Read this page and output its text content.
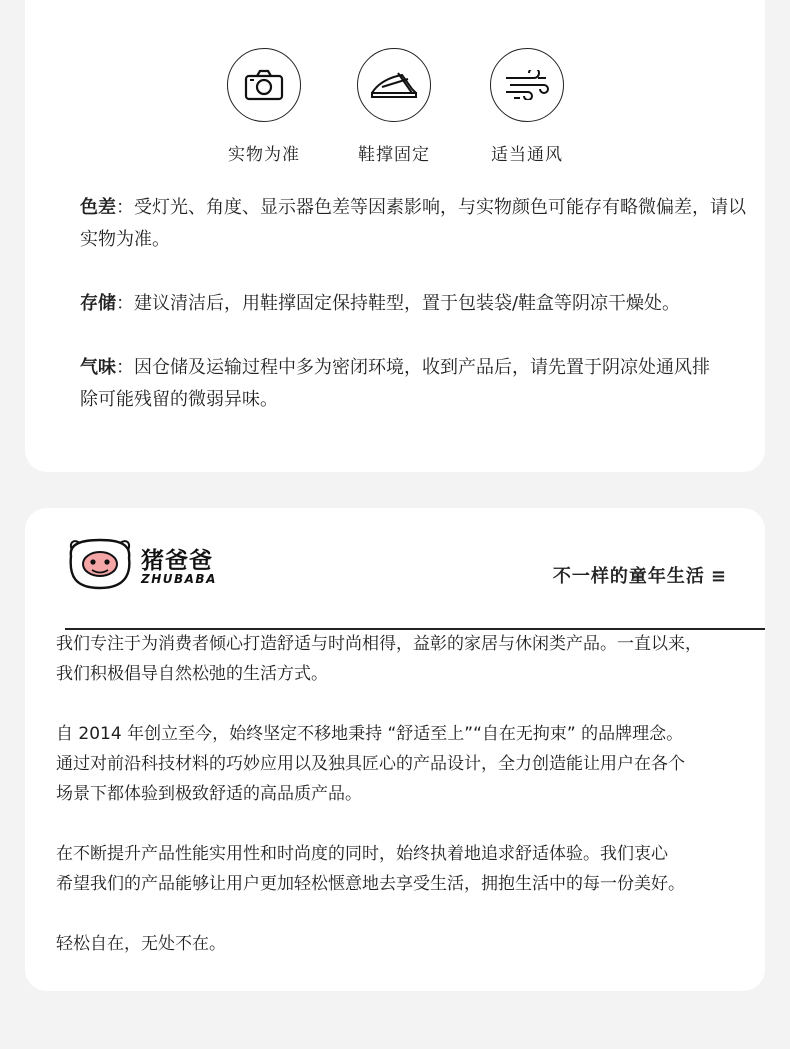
实物为准	鞋撑固定	适当通风
色差：受灯光、角度、显示器色差等因素影响，与实物颜色可能存有略微偏差，请以实物为准。
存储：建议清洁后，用鞋撑固定保持鞋型，置于包装袋/鞋盒等阴凉干燥处。
气味：因仓储及运输过程中多为密闭环境，收到产品后，请先置于阴凉处通风排除可能残留的微弱异味。
猪爸爸
ZHUBABA	不一样的童年生活 ≡

我们专注于为消费者倾心打造舒适与时尚相得，益彰的家居与休闲类产品。一直以来，

我们积极倡导自然松弛的生活方式。

自 2014 年创立至今，始终坚定不移地秉持 “舒适至上”“自在无拘束” 的品牌理念。

通过对前沿科技材料的巧妙应用以及独具匠心的产品设计，全力创造能让用户在各个

场景下都体验到极致舒适的高品质产品。

在不断提升产品性能实用性和时尚度的同时，始终执着地追求舒适体验。我们衷心

希望我们的产品能够让用户更加轻松惬意地去享受生活，拥抱生活中的每一份美好。

轻松自在，无处不在。
